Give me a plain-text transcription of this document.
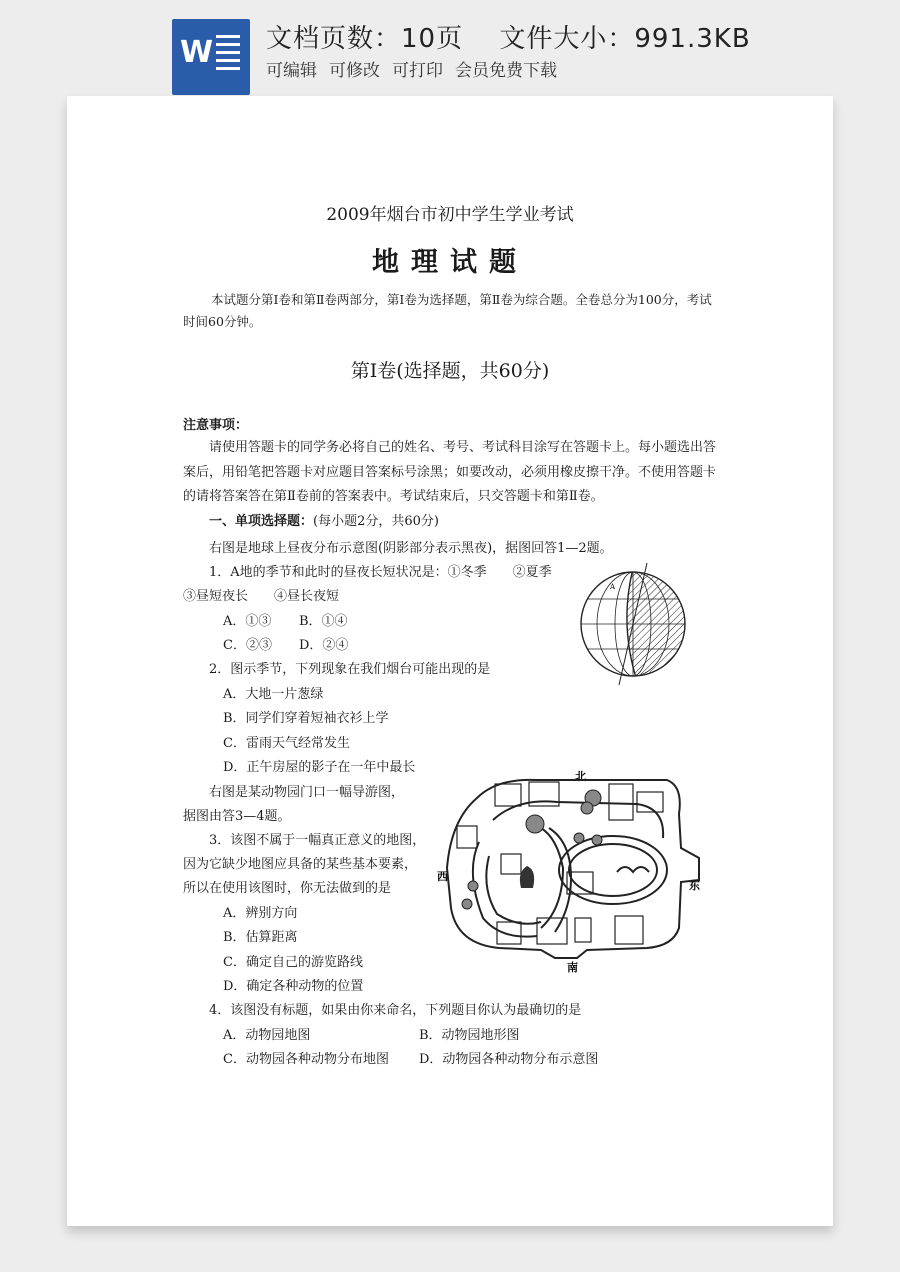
W 文档页数：10页　 文件大小：991.3KB
可编辑 可修改 可打印 会员免费下载
2009年烟台市初中学生学业考试
地理试题
本试题分第Ⅰ卷和第Ⅱ卷两部分，第Ⅰ卷为选择题，第Ⅱ卷为综合题。全卷总分为100分，考试时间60分钟。
第Ⅰ卷(选择题，共60分)
注意事项：
请使用答题卡的同学务必将自己的姓名、考号、考试科目涂写在答题卡上。每小题选出答案后，用铅笔把答题卡对应题目答案标号涂黑；如要改动，必须用橡皮擦干净。不使用答题卡的请将答案答在第Ⅱ卷前的答案表中。考试结束后，只交答题卡和第Ⅱ卷。
一、单项选择题：(每小题2分，共60分)
右图是地球上昼夜分布示意图(阴影部分表示黑夜)，据图回答1—2题。
1．A地的季节和此时的昼夜长短状况是：①冬季　　②夏季
③昼短夜长　　④昼长夜短
A．①③ B．①④
C．②③ D．②④
2．图示季节，下列现象在我们烟台可能出现的是
A．大地一片葱绿
B．同学们穿着短袖衣衫上学
C．雷雨天气经常发生
D．正午房屋的影子在一年中最长
右图是某动物园门口一幅导游图，
据图由答3—4题。
3．该图不属于一幅真正意义的地图，
因为它缺少地图应具备的某些基本要素，
所以在使用该图时，你无法做到的是
A．辨别方向
B．估算距离
C．确定自己的游览路线
D．确定各种动物的位置
4．该图没有标题，如果由你来命名，下列题目你认为最确切的是
A．动物园地图	B．动物园地形图
C．动物园各种动物分布地图 D．动物园各种动物分布示意图
A
北
南
东
西
